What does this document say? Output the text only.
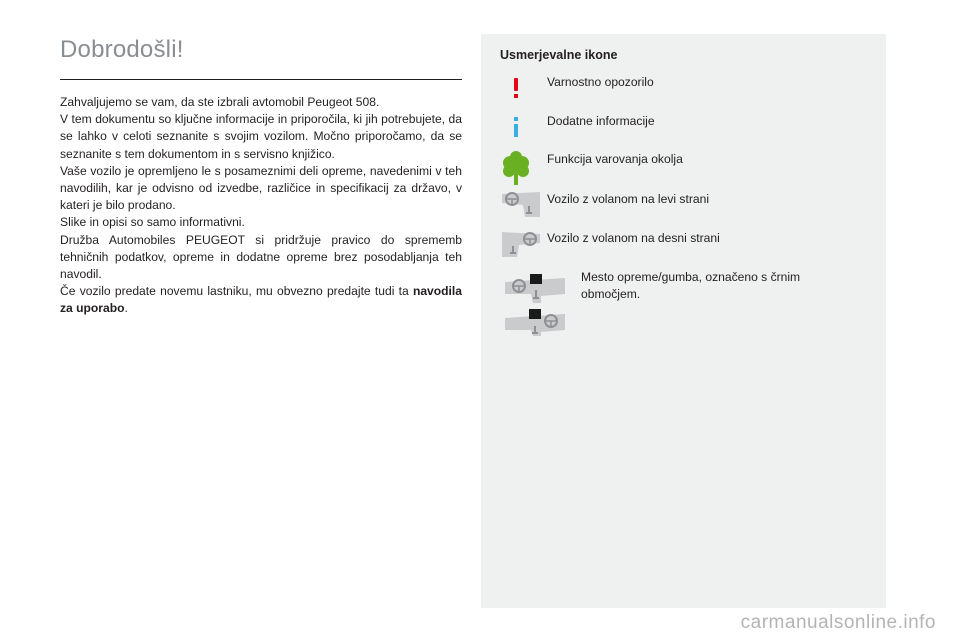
Dobrodošli!

Zahvaljujemo se vam, da ste izbrali avtomobil Peugeot 508.

V tem dokumentu so ključne informacije in priporočila, ki jih potrebujete, da se lahko v celoti seznanite s svojim vozilom. Močno priporočamo, da se seznanite s tem dokumentom in s servisno knjižico.

Vaše vozilo je opremljeno le s posameznimi deli opreme, navedenimi v teh navodilih, kar je odvisno od izvedbe, različice in specifikacij za državo, v kateri je bilo prodano.

Slike in opisi so samo informativni.

Družba Automobiles PEUGEOT si pridržuje pravico do sprememb tehničnih podatkov, opreme in dodatne opreme brez posodabljanja teh navodil.

Če vozilo predate novemu lastniku, mu obvezno predajte tudi ta navodila za uporabo.

Usmerjevalne ikone
Varnostno opozorilo
Dodatne informacije
Funkcija varovanja okolja
Vozilo z volanom na levi strani
Vozilo z volanom na desni strani
Mesto opreme/gumba, označeno s črnim območjem.
carmanualsonline.info
